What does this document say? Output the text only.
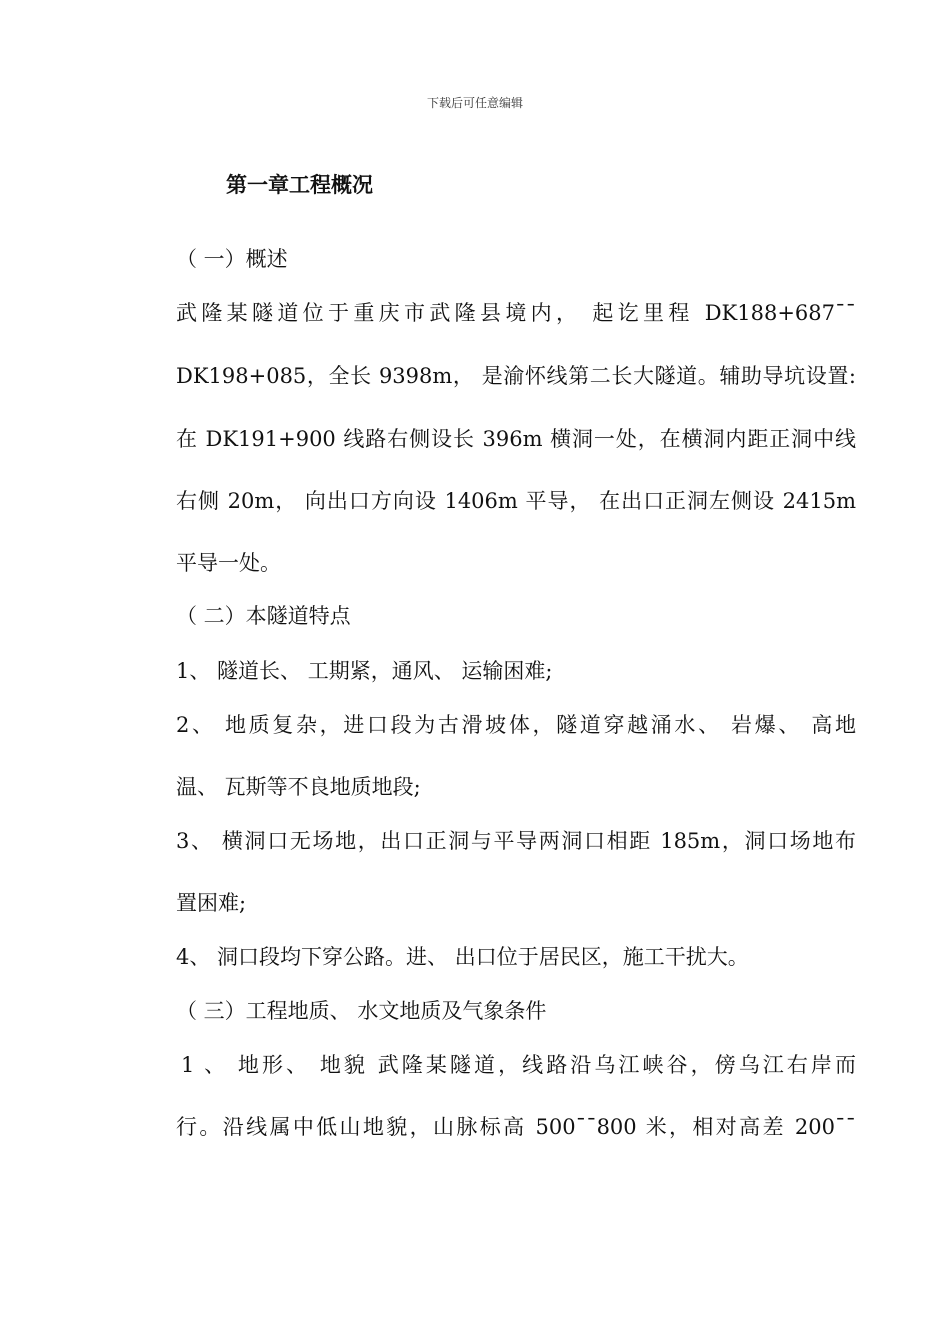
下载后可任意编辑
第一章工程概况
（ 一）概述
武隆某隧道位于重庆市武隆县境内， 起讫里程 DK188+687¯¯
DK198+085，全长 9398m， 是渝怀线第二长大隧道。辅助导坑设置:
在 DK191+900 线路右侧设长 396m 横洞一处，在横洞内距正洞中线
右侧 20m， 向出口方向设 1406m 平导， 在出口正洞左侧设 2415m
平导一处。
（ 二）本隧道特点
1、 隧道长、 工期紧，通风、 运输困难;
2、 地质复杂，进口段为古滑坡体，隧道穿越涌水、 岩爆、 高地
温、 瓦斯等不良地质地段;
3、 横洞口无场地，出口正洞与平导两洞口相距 185m，洞口场地布
置困难;
4、 洞口段均下穿公路。进、 出口位于居民区，施工干扰大。
（ 三）工程地质、 水文地质及气象条件
1 、 地形、 地貌 武隆某隧道，线路沿乌江峡谷，傍乌江右岸而
行。沿线属中低山地貌，山脉标高 500¯¯800 米，相对高差 200¯¯
